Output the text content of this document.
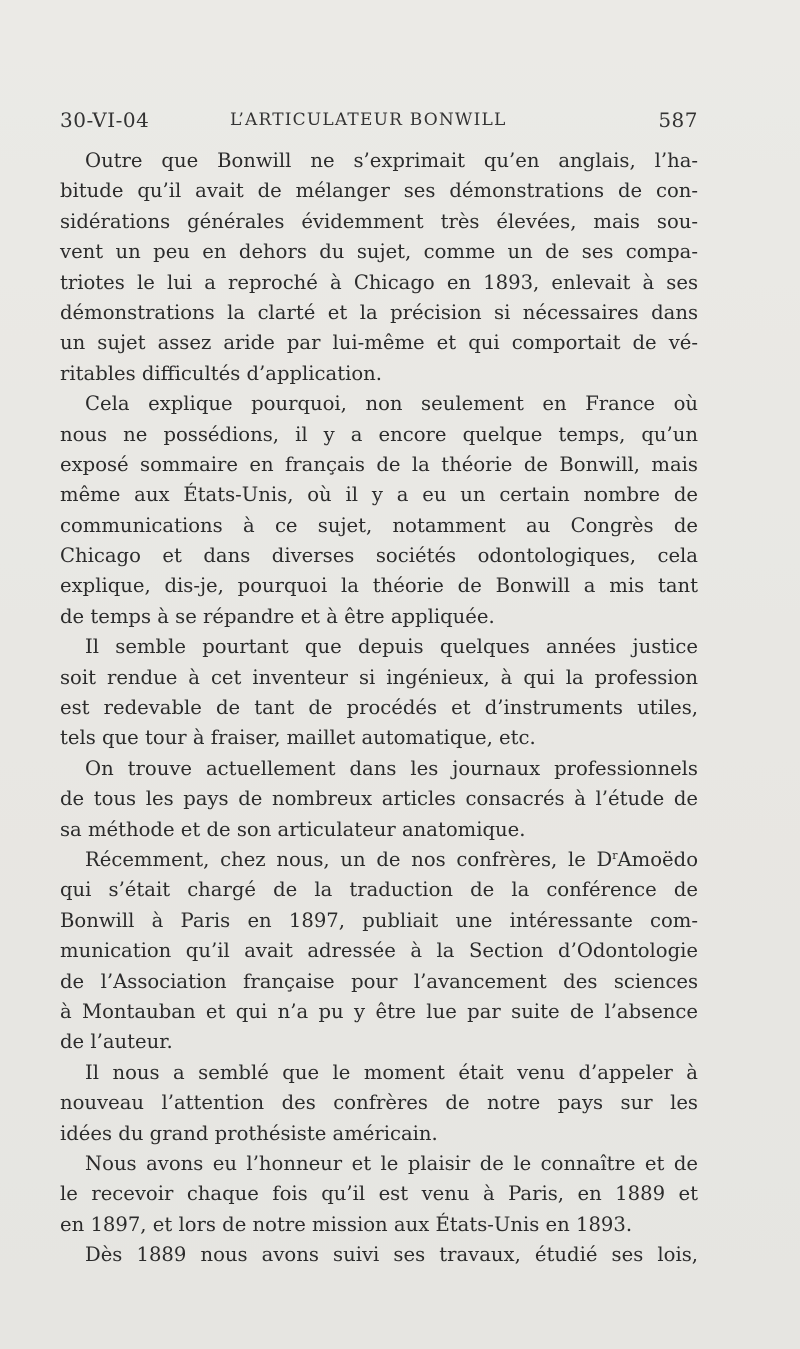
30-VI-04	L’ARTICULATEUR BONWILL	587
Outre que Bonwill ne s’exprimait qu’en anglais, l’ha-
bitude qu’il avait de mélanger ses démonstrations de con-
sidérations générales évidemment très élevées, mais sou-
vent un peu en dehors du sujet, comme un de ses compa-
triotes le lui a reproché à Chicago en 1893, enlevait à ses
démonstrations la clarté et la précision si nécessaires dans
un sujet assez aride par lui-même et qui comportait de vé-
ritables difficultés d’application.
Cela explique pourquoi, non seulement en France où
nous ne possédions, il y a encore quelque temps, qu’un
exposé sommaire en français de la théorie de Bonwill, mais
même aux États-Unis, où il y a eu un certain nombre de
communications à ce sujet, notamment au Congrès de
Chicago et dans diverses sociétés odontologiques, cela
explique, dis-je, pourquoi la théorie de Bonwill a mis tant
de temps à se répandre et à être appliquée.
Il semble pourtant que depuis quelques années justice
soit rendue à cet inventeur si ingénieux, à qui la profession
est redevable de tant de procédés et d’instruments utiles,
tels que tour à fraiser, maillet automatique, etc.
On trouve actuellement dans les journaux professionnels
de tous les pays de nombreux articles consacrés à l’étude de
sa méthode et de son articulateur anatomique.
Récemment, chez nous, un de nos confrères, le $D^rAmoëdo$
qui s’était chargé de la traduction de la conférence de
Bonwill à Paris en 1897, publiait une intéressante com-
munication qu’il avait adressée à la Section d’Odontologie
de l’Association française pour l’avancement des sciences
à Montauban et qui n’a pu y être lue par suite de l’absence
de l’auteur.
Il nous a semblé que le moment était venu d’appeler à
nouveau l’attention des confrères de notre pays sur les
idées du grand prothésiste américain.
Nous avons eu l’honneur et le plaisir de le connaître et de
le recevoir chaque fois qu’il est venu à Paris, en 1889 et
en 1897, et lors de notre mission aux États-Unis en 1893.
Dès 1889 nous avons suivi ses travaux, étudié ses lois,
